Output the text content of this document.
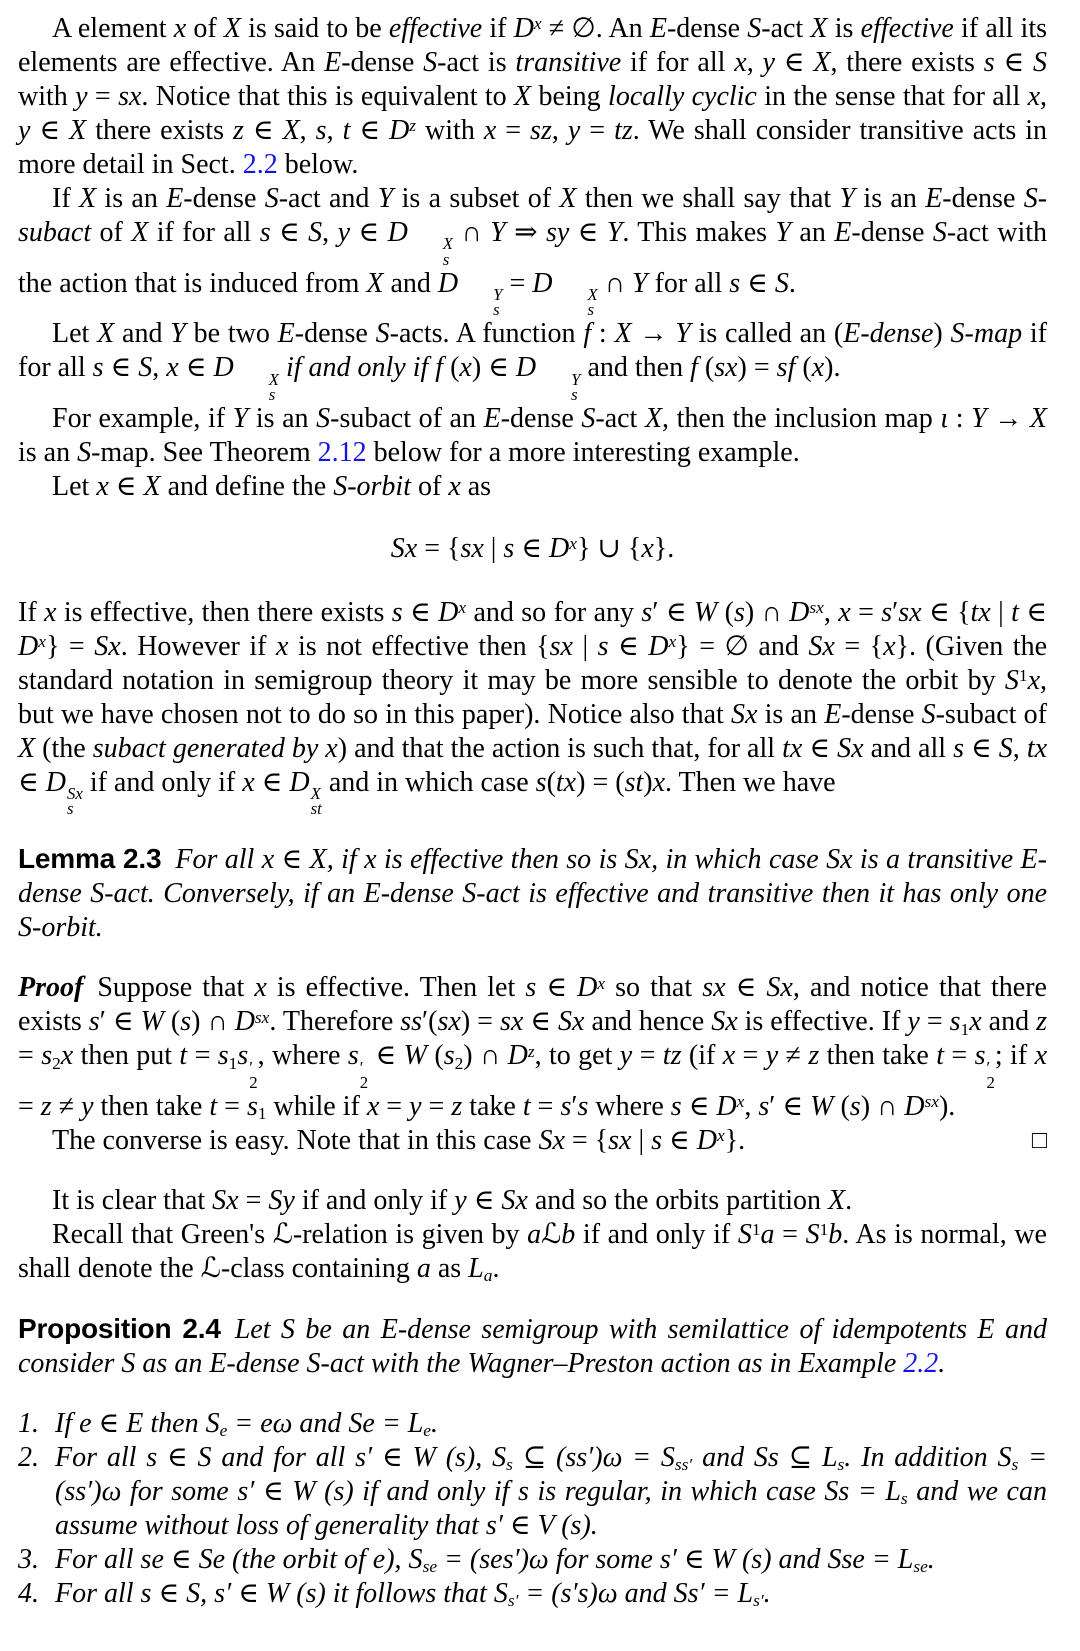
A element x of X is said to be effective if $D^x$ ≠ ∅. An E-dense S-act X is effective if all its elements are effective. An E-dense S-act is transitive if for all x, y ∈ X, there exists s ∈ S with y = sx. Notice that this is equivalent to X being locally cyclic in the sense that for all x, y ∈ X there exists z ∈ X, s, t ∈ $D^z$ with x = sz, y = tz. We shall consider transitive acts in more detail in Sect. 2.2 below.

If X is an E-dense S-act and Y is a subset of X then we shall say that Y is an E-dense S-subact of X if for all s ∈ S, y ∈ D	X
s
∩ Y ⇒ sy ∈ Y. This makes Y an E-dense S-act with the action that is induced from X and D	Y
s
= D	X
s
∩ Y for all s ∈ S.

Let X and Y be two E-dense S-acts. A function f : X → Y is called an (E-dense) S-map if for all s ∈ S, x ∈ D	X
s
if and only if f (x) ∈ D	Y
s
and then f (sx) = sf (x).

For example, if Y is an S-subact of an E-dense S-act X, then the inclusion map ι : Y → X is an S-map. See Theorem 2.12 below for a more interesting example.

Let x ∈ X and define the S-orbit of x as

Sx = {sx | s ∈ $D^x$} ∪ {x}.

If x is effective, then there exists s ∈ $D^x$ and so for any s′ ∈ W (s) ∩ $D^{sx}$, x = s′sx ∈ {tx | t ∈ $D^x\} = Sx$. However if x is not effective then {sx | s ∈ $D^x$} = ∅ and Sx = {x}. (Given the standard notation in semigroup theory it may be more sensible to denote the orbit by $S^1x$, but we have chosen not to do so in this paper). Notice also that Sx is an E-dense S-subact of X (the subact generated by x) and that the action is such that, for all tx ∈ Sx and all s ∈ S, tx ∈ D Sx
s
if and only if x ∈ D X
st
and in which case s(tx) = (st)x. Then we have

Lemma 2.3 For all x ∈ X, if x is effective then so is Sx, in which case Sx is a transitive E-dense S-act. Conversely, if an E-dense S-act is effective and transitive then it has only one S-orbit.

Proof Suppose that x is effective. Then let s ∈ $D^x$ so that sx ∈ Sx, and notice that there exists s′ ∈ W (s) ∩ $D^{sx}$. Therefore ss′(sx) = sx ∈ Sx and hence Sx is effective. If $y = s_1x$ and $z = s_2x$ then put $t = s_1s$ ′
2
, where s ′
2
∈ W $(s_2)$ ∩ $D^z$, to get y = tz (if x = y ≠ z then take t = s ′
2
; if x = z ≠ y then take $t = s_1$ while if x = y = z take t = s′s where s ∈ $D^x$, s′ ∈ W (s) ∩ $D^{sx}$).

□
The converse is easy. Note that in this case Sx = {sx | s ∈ $D^x$}.

It is clear that Sx = Sy if and only if y ∈ Sx and so the orbits partition X.

Recall that Green's ℒ-relation is given by aℒb if and only if $S^1a = S^1b$. As is normal, we shall denote the ℒ-class containing a as $L_a$.

Proposition 2.4 Let S be an E-dense semigroup with semilattice of idempotents E and consider S as an E-dense S-act with the Wagner–Preston action as in Example 2.2.

1. If e ∈ E then $S_e = e\omega$ and $Se = L_e$.
2. For all s ∈ S and for all s′ ∈ W (s), $S_s$ ⊆ $(ss')\omega = S_{ss'}$ and Ss ⊆ $L_s$. In addition $S_s = (ss')\omega$ for some s′ ∈ W (s) if and only if s is regular, in which case $Ss = L_s$ and we can assume without loss of generality that s′ ∈ V (s).
3. For all se ∈ Se (the orbit of e), $S_{se} = (ses')\omega$ for some s′ ∈ W (s) and Sse = $L_{se}$.
4. For all s ∈ S, s′ ∈ W (s) it follows that $S_{s'} = (s's)\omega$ and $Ss' = L_{s'}$.
